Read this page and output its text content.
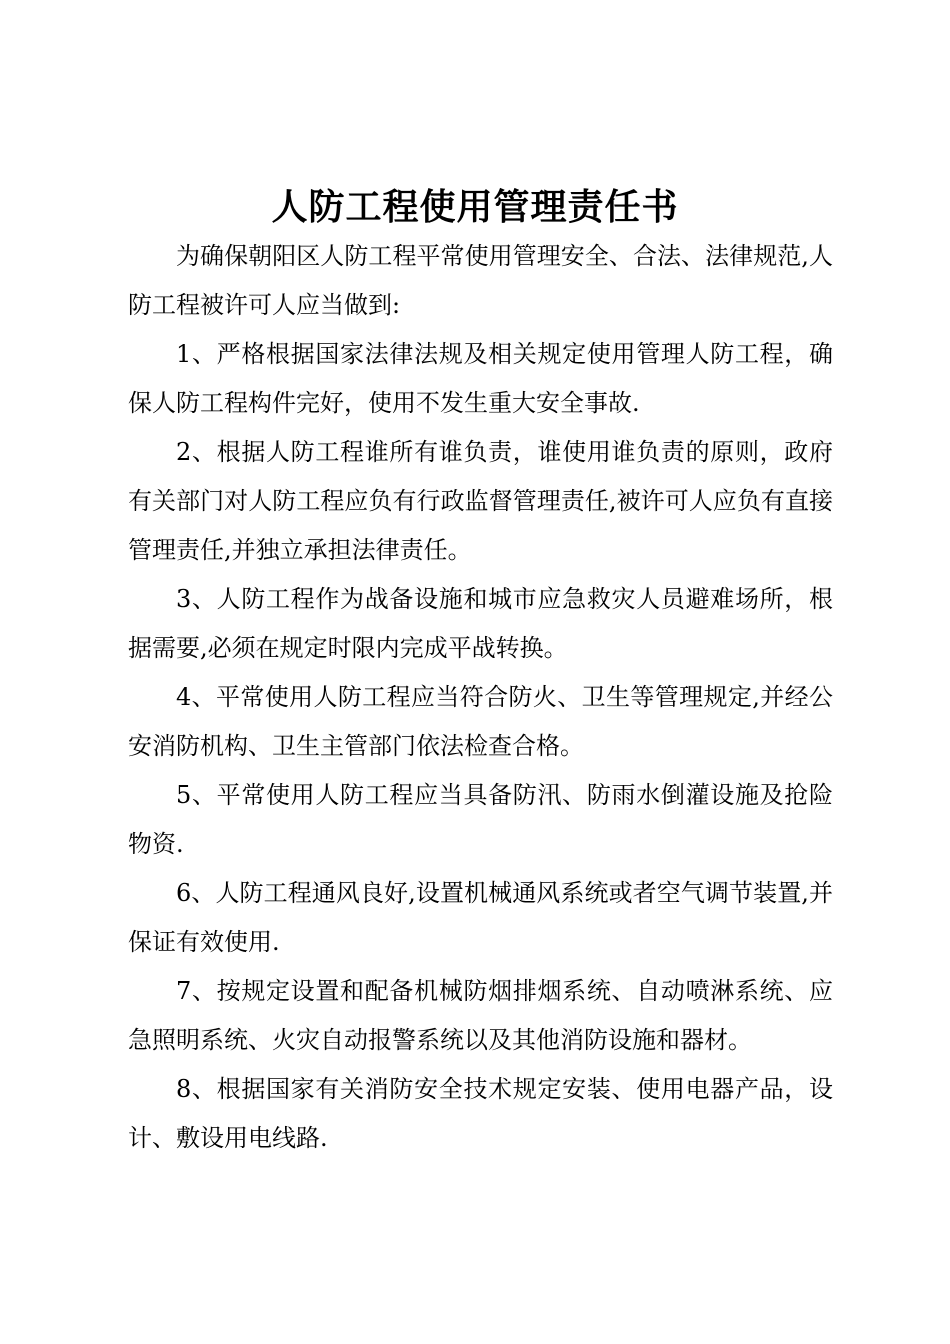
人防工程使用管理责任书

为确保朝阳区人防工程平常使用管理安全、合法、法律规范,人防工程被许可人应当做到:

1、严格根据国家法律法规及相关规定使用管理人防工程，确保人防工程构件完好，使用不发生重大安全事故.

2、根据人防工程谁所有谁负责，谁使用谁负责的原则，政府有关部门对人防工程应负有行政监督管理责任,被许可人应负有直接管理责任,并独立承担法律责任。

3、人防工程作为战备设施和城市应急救灾人员避难场所，根据需要,必须在规定时限内完成平战转换。

4、平常使用人防工程应当符合防火、卫生等管理规定,并经公安消防机构、卫生主管部门依法检查合格。

5、平常使用人防工程应当具备防汛、防雨水倒灌设施及抢险物资.

6、人防工程通风良好,设置机械通风系统或者空气调节装置,并保证有效使用.

7、按规定设置和配备机械防烟排烟系统、自动喷淋系统、应急照明系统、火灾自动报警系统以及其他消防设施和器材。

8、根据国家有关消防安全技术规定安装、使用电器产品，设计、敷设用电线路.
